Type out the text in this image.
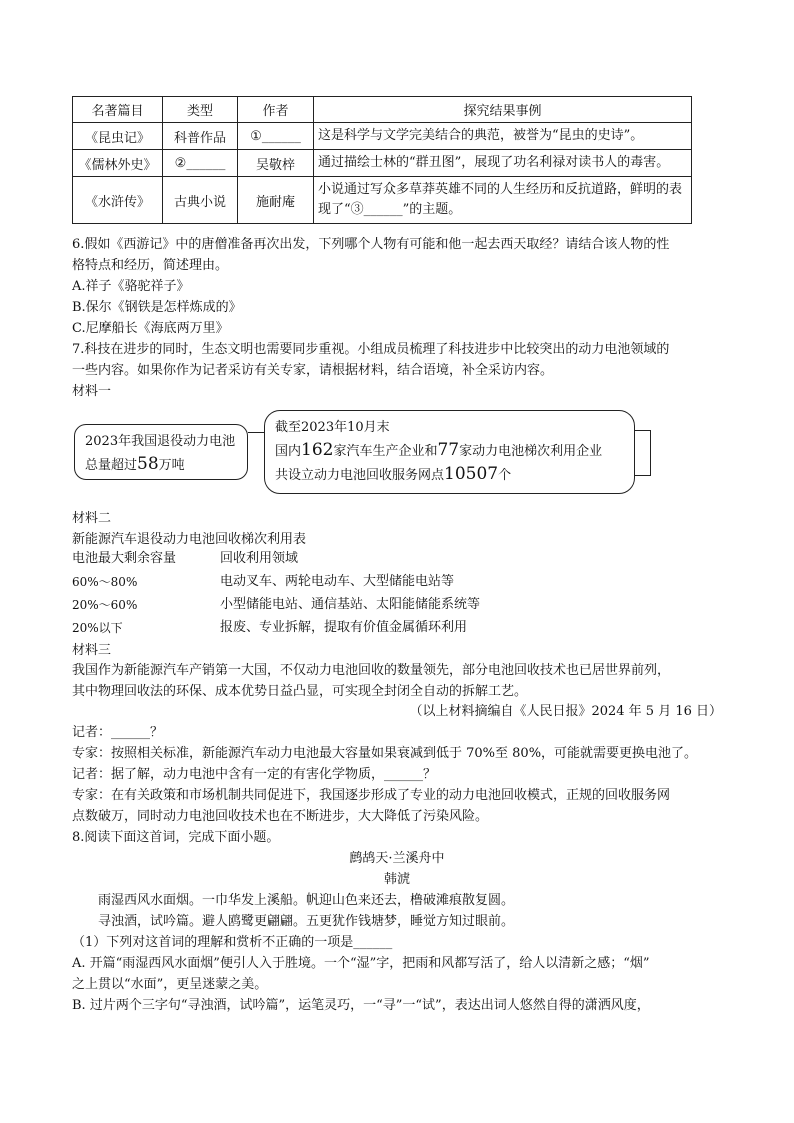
名著篇目	类型	作者	探究结果事例
《昆虫记》	科普作品	①______	这是科学与文学完美结合的典范，被誉为“昆虫的史诗”。
《儒林外史》	②______	吴敬梓	通过描绘士林的“群丑图”，展现了功名利禄对读书人的毒害。
《水浒传》	古典小说	施耐庵	小说通过写众多草莽英雄不同的人生经历和反抗道路，鲜明的表现了“③______”的主题。
6.假如《西游记》中的唐僧准备再次出发，下列哪个人物有可能和他一起去西天取经？请结合该人物的性
格特点和经历，简述理由。
A.祥子《骆驼祥子》
B.保尔《钢铁是怎样炼成的》
C.尼摩船长《海底两万里》
7.科技在进步的同时，生态文明也需要同步重视。小组成员梳理了科技进步中比较突出的动力电池领域的
一些内容。如果你作为记者采访有关专家，请根据材料，结合语境，补全采访内容。
材料一
2023年我国退役动力电池
总量超过58万吨
截至2023年10月末
国内162家汽车生产企业和77家动力电池梯次利用企业
共设立动力电池回收服务网点10507个
材料二
新能源汽车退役动力电池回收梯次利用表
电池最大剩余容量	回收利用领域
60%～80%	电动叉车、两轮电动车、大型储能电站等
20%～60%	小型储能电站、通信基站、太阳能储能系统等
20%以下	报废、专业拆解，提取有价值金属循环利用
材料三
我国作为新能源汽车产销第一大国，不仅动力电池回收的数量领先，部分电池回收技术也已居世界前列，
其中物理回收法的环保、成本优势日益凸显，可实现全封闭全自动的拆解工艺。
（以上材料摘编自《人民日报》2024 年 5 月 16 日）
记者：______？
专家：按照相关标准，新能源汽车动力电池最大容量如果衰减到低于 70%至 80%，可能就需要更换电池了。
记者：据了解，动力电池中含有一定的有害化学物质，______？
专家：在有关政策和市场机制共同促进下，我国逐步形成了专业的动力电池回收模式，正规的回收服务网
点数破万，同时动力电池回收技术也在不断进步，大大降低了污染风险。
8.阅读下面这首词，完成下面小题。
鹧鸪天·兰溪舟中
韩淲
雨湿西风水面烟。一巾华发上溪船。帆迎山色来还去，橹破滩痕散复圆。
寻浊酒，试吟篇。避人鸥鹭更翩翩。五更犹作钱塘梦，睡觉方知过眼前。
（1）下列对这首词的理解和赏析不正确的一项是______
A. 开篇“雨湿西风水面烟”便引人入于胜境。一个“湿”字，把雨和风都写活了，给人以清新之感；“烟”
之上贯以“水面”，更呈迷蒙之美。
B. 过片两个三字句“寻浊酒，试吟篇”，运笔灵巧，一“寻”一“试”，表达出词人悠然自得的潇洒风度，
